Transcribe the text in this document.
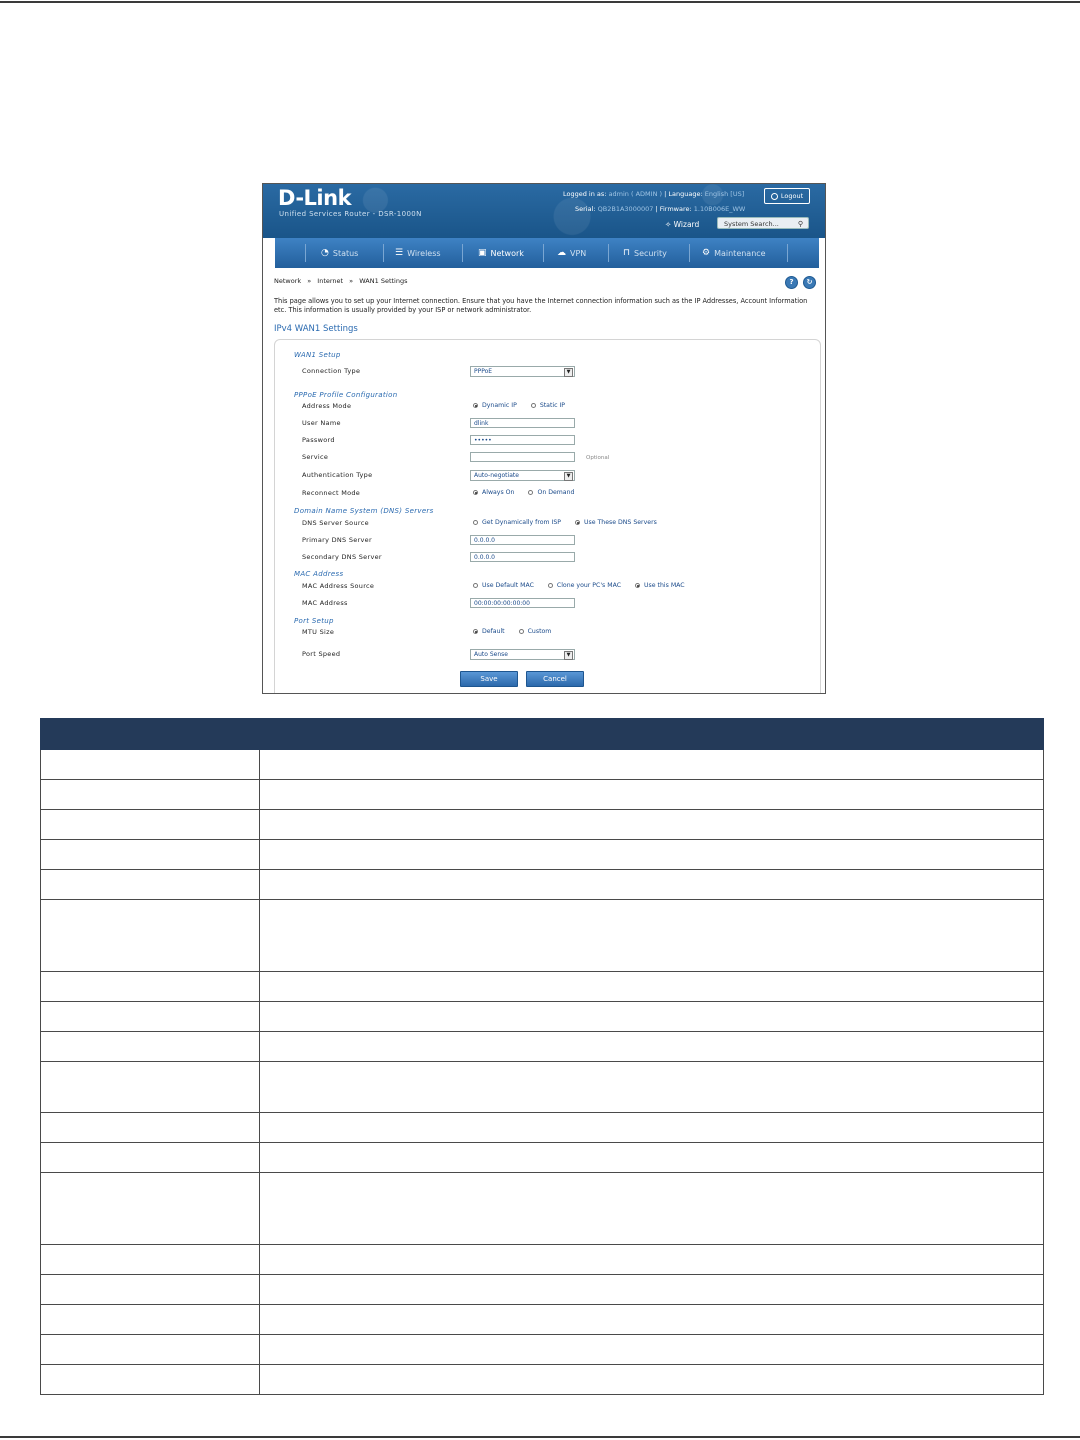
D-Link
Unified Services Router - DSR-1000N
Logged in as: admin ( ADMIN ) | Language: English [US]	Logout
Serial: QB2B1A3000007 | Firmware: 1.10B006E_WW
✧ Wizard	System Search...	⚲
◔ Status	☰ Wireless	▣ Network	☁ VPN	⊓ Security	⚙ Maintenance
Network » Internet » WAN1 Settings	?	↻
This page allows you to set up your Internet connection. Ensure that you have the Internet connection information such as the IP Addresses, Account Information etc. This information is usually provided by your ISP or network administrator.
IPv4 WAN1 Settings
WAN1 Setup
Connection Type	PPPoE	▼
PPPoE Profile Configuration
Address Mode	Dynamic IP	Static IP
User Name	dlink
Password	•••••
Service	Optional
Authentication Type	Auto-negotiate	▼
Reconnect Mode	Always On	On Demand
Domain Name System (DNS) Servers
DNS Server Source	Get Dynamically from ISP	Use These DNS Servers
Primary DNS Server	0.0.0.0
Secondary DNS Server	0.0.0.0
MAC Address
MAC Address Source	Use Default MAC	Clone your PC's MAC	Use this MAC
MAC Address	00:00:00:00:00:00
Port Setup
MTU Size	Default	Custom
Port Speed	Auto Sense	▼
Save	Cancel
